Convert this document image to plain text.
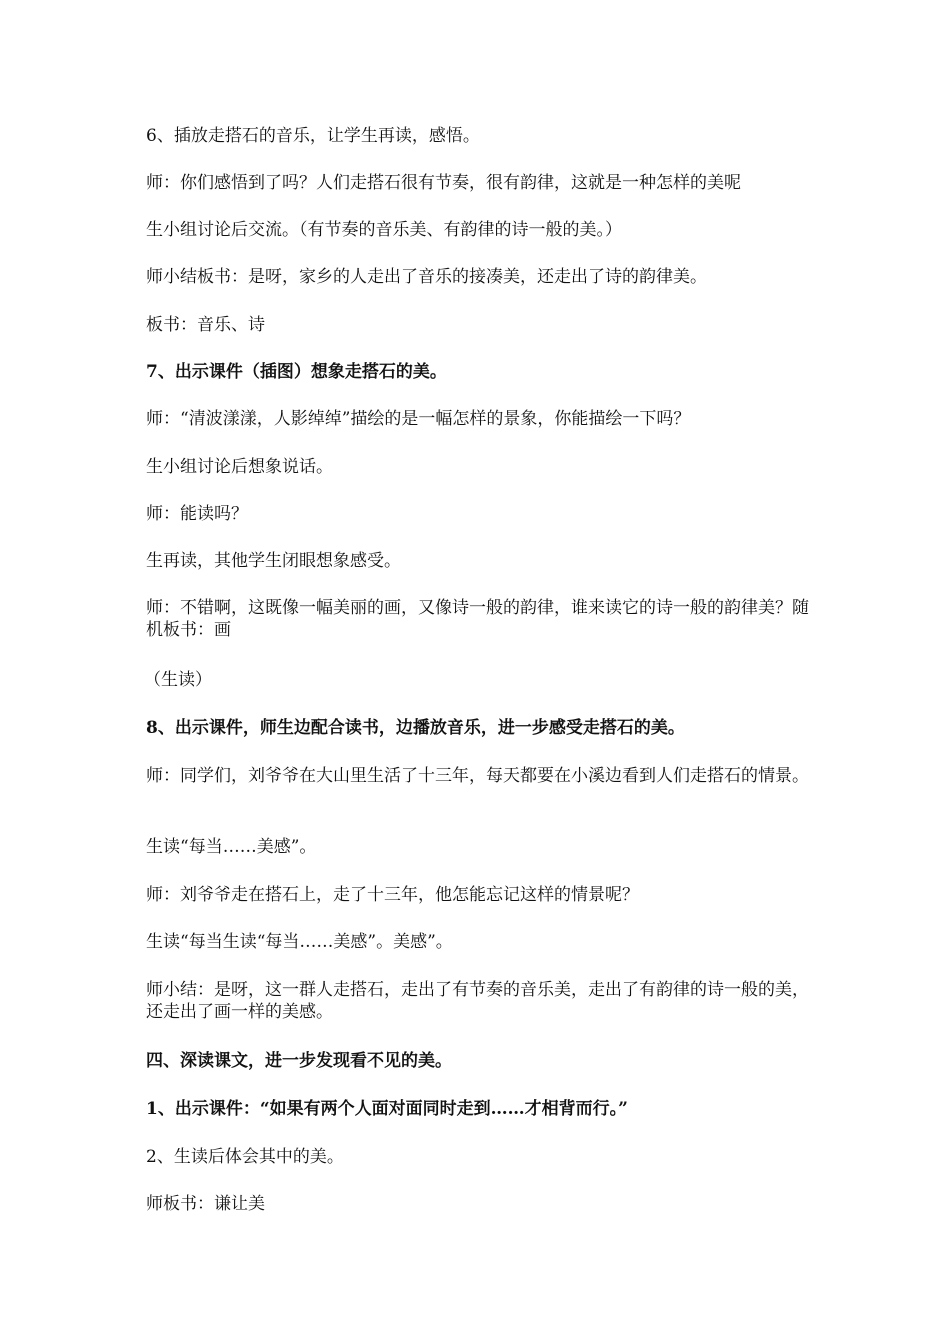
6、插放走搭石的音乐，让学生再读，感悟。

师：你们感悟到了吗？人们走搭石很有节奏，很有韵律，这就是一种怎样的美呢

生小组讨论后交流。（有节奏的音乐美、有韵律的诗一般的美。）

师小结板书：是呀，家乡的人走出了音乐的接凑美，还走出了诗的韵律美。

板书：音乐、诗

7、出示课件（插图）想象走搭石的美。

师：“清波漾漾，人影绰绰”描绘的是一幅怎样的景象，你能描绘一下吗？

生小组讨论后想象说话。

师：能读吗？

生再读，其他学生闭眼想象感受。

师：不错啊，这既像一幅美丽的画，又像诗一般的韵律，谁来读它的诗一般的韵律美？随机板书：画

（生读）

8、出示课件，师生边配合读书，边播放音乐，进一步感受走搭石的美。

师：同学们，刘爷爷在大山里生活了十三年，每天都要在小溪边看到人们走搭石的情景。

生读“每当……美感”。

师：刘爷爷走在搭石上，走了十三年，他怎能忘记这样的情景呢？

生读“每当生读“每当……美感”。美感”。

师小结：是呀，这一群人走搭石，走出了有节奏的音乐美，走出了有韵律的诗一般的美，还走出了画一样的美感。

四、深读课文，进一步发现看不见的美。

1、出示课件：“如果有两个人面对面同时走到……才相背而行。”

2、生读后体会其中的美。

师板书：谦让美
